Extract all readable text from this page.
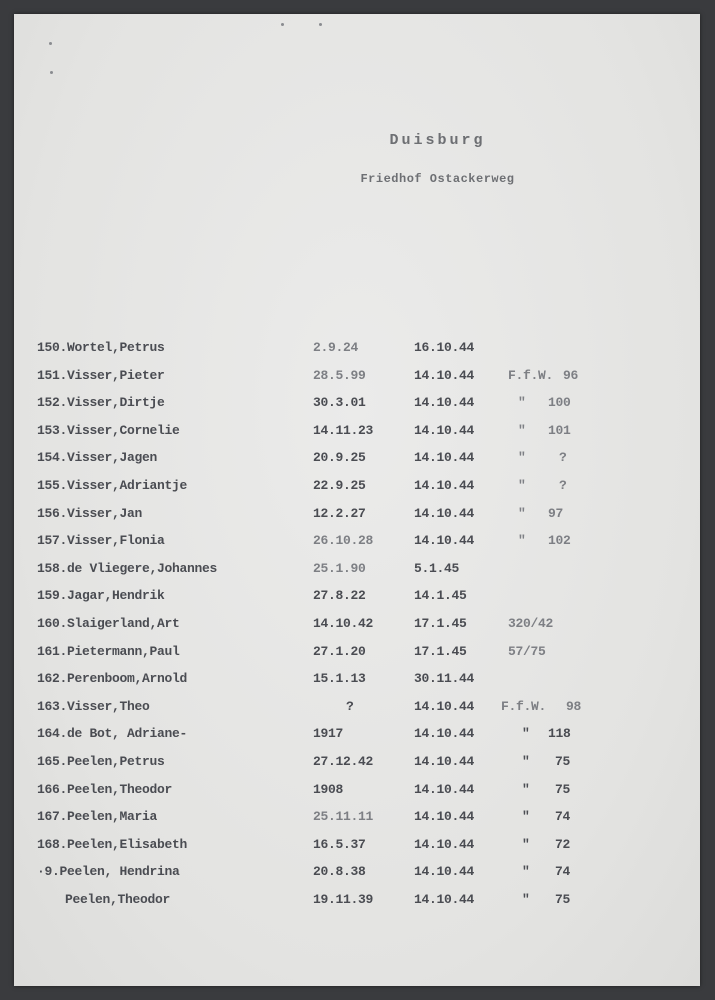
Duisburg
Friedhof Ostackerweg
150.Wortel,Petrus	2.9.24	16.10.44
151.Visser,Pieter	28.5.99	14.10.44	F.f.W. 96
152.Visser,Dirtje	30.3.01	14.10.44	" 100
153.Visser,Cornelie	14.11.23	14.10.44	" 101
154.Visser,Jagen	20.9.25	14.10.44	"	?
155.Visser,Adriantje	22.9.25	14.10.44	"	?
156.Visser,Jan	12.2.27	14.10.44	" 97
157.Visser,Flonia	26.10.28	14.10.44	" 102
158.de Vliegere,Johannes	25.1.90	5.1.45
159.Jagar,Hendrik	27.8.22	14.1.45
160.Slaigerland,Art	14.10.42	17.1.45	320/42
161.Pietermann,Paul	27.1.20	17.1.45	57/75
162.Perenboom,Arnold	15.1.13	30.11.44
163.Visser,Theo	?	14.10.44 F.f.W. 98
164.de Bot, Adriane-	1917	14.10.44	" 118
165.Peelen,Petrus	27.12.42	14.10.44	" 75
166.Peelen,Theodor	1908	14.10.44	" 75
167.Peelen,Maria	25.11.11	14.10.44	" 74
168.Peelen,Elisabeth	16.5.37	14.10.44	" 72
·9.Peelen, Hendrina	20.8.38	14.10.44	" 74
Peelen,Theodor	19.11.39	14.10.44	" 75
